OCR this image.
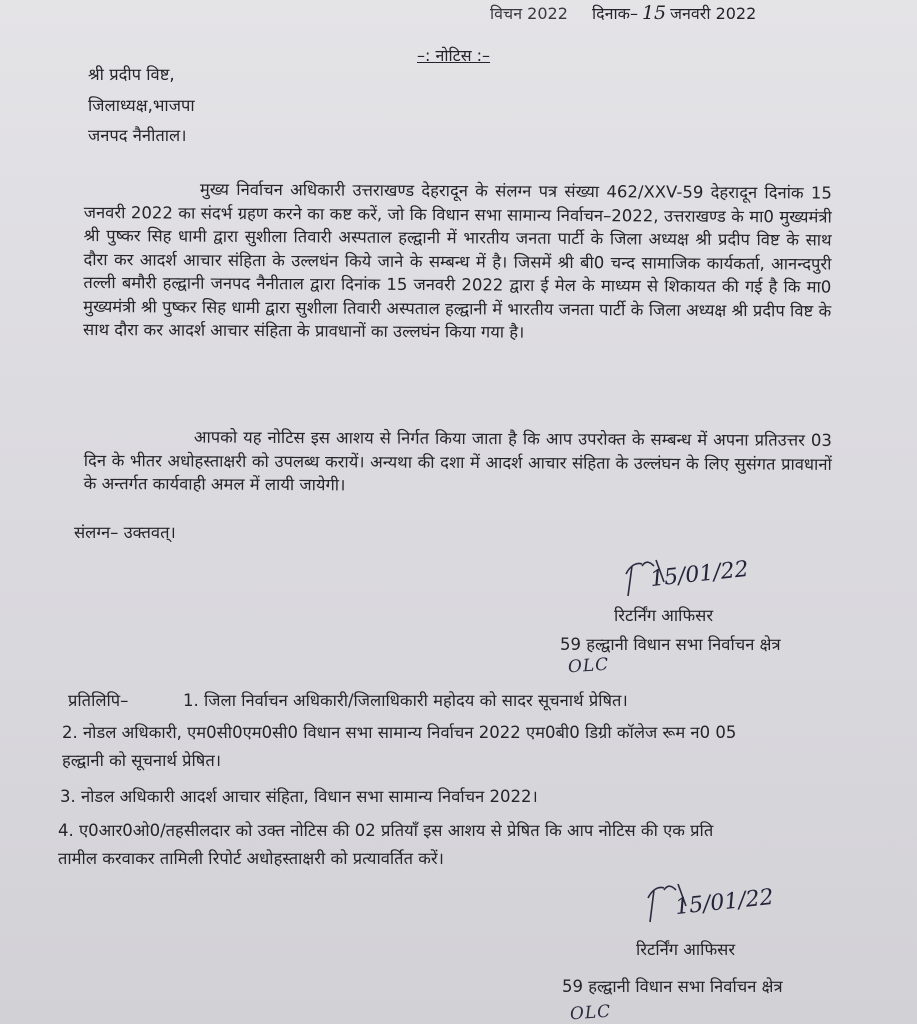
विचन 2022 दिनाक– 15 जनवरी 2022
–: नोटिस :–
श्री प्रदीप विष्ट,
जिलाध्यक्ष,भाजपा
जनपद नैनीताल।
मुख्य निर्वाचन अधिकारी उत्तराखण्ड देहरादून के संलग्न पत्र संख्या 462/XXV-59 देहरादून दिनांक 15 जनवरी 2022 का संदर्भ ग्रहण करने का कष्ट करें, जो कि विधान सभा सामान्य निर्वाचन–2022, उत्तराखण्ड के मा0 मुख्यमंत्री श्री पुष्कर सिह धामी द्वारा सुशीला तिवारी अस्पताल हल्द्वानी में भारतीय जनता पार्टी के जिला अध्यक्ष श्री प्रदीप विष्ट के साथ दौरा कर आदर्श आचार संहिता के उल्लधंन किये जाने के सम्बन्ध में है। जिसमें श्री बी0 चन्द सामाजिक कार्यकर्ता, आनन्दपुरी तल्ली बमौरी हल्द्वानी जनपद नैनीताल द्वारा दिनांक 15 जनवरी 2022 द्वारा ई मेल के माध्यम से शिकायत की गई है कि मा0 मुख्यमंत्री श्री पुष्कर सिह धामी द्वारा सुशीला तिवारी अस्पताल हल्द्वानी में भारतीय जनता पार्टी के जिला अध्यक्ष श्री प्रदीप विष्ट के साथ दौरा कर आदर्श आचार संहिता के प्रावधानों का उल्लघंन किया गया है।
आपको यह नोटिस इस आशय से निर्गत किया जाता है कि आप उपरोक्त के सम्बन्ध में अपना प्रतिउत्तर 03 दिन के भीतर अधोहस्ताक्षरी को उपलब्ध करायें। अन्यथा की दशा में आदर्श आचार संहिता के उल्लंघन के लिए सुसंगत प्रावधानों के अन्तर्गत कार्यवाही अमल में लायी जायेगी।
संलग्न– उक्तवत्।
15/01/22
रिटर्निंग आफिसर
59 हल्द्वानी विधान सभा निर्वाचन क्षेत्र
OLC
प्रतिलिपि–	1. जिला निर्वाचन अधिकारी/जिलाधिकारी महोदय को सादर सूचनार्थ प्रेषित।
2. नोडल अधिकारी, एम0सी0एम0सी0 विधान सभा सामान्य निर्वाचन 2022 एम0बी0 डिग्री कॉलेज रूम न0 05
हल्द्वानी को सूचनार्थ प्रेषित।
3. नोडल अधिकारी आदर्श आचार संहिता, विधान सभा सामान्य निर्वाचन 2022।
4. ए0आर0ओ0/तहसीलदार को उक्त नोटिस की 02 प्रतियॉं इस आशय से प्रेषित कि आप नोटिस की एक प्रति
तामील करवाकर तामिली रिपोर्ट अधोहस्ताक्षरी को प्रत्यावर्तित करें।
15/01/22
रिटर्निंग आफिसर
59 हल्द्वानी विधान सभा निर्वाचन क्षेत्र
OLC
